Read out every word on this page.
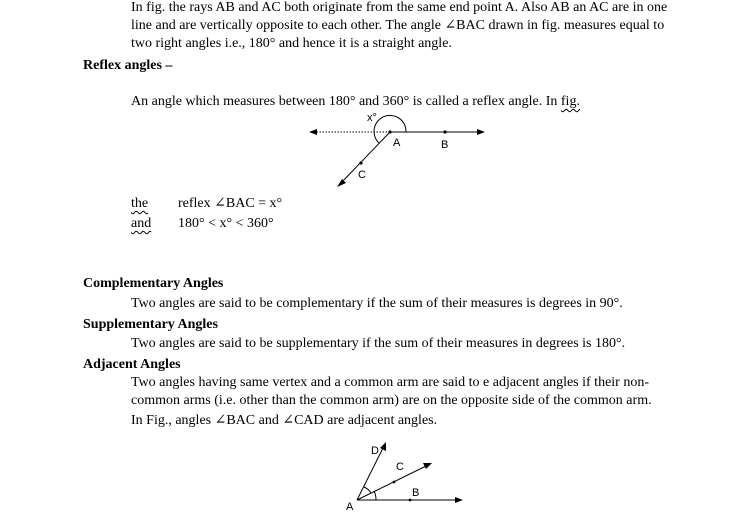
In fig. the rays AB and AC both originate from the same end point A. Also AB an AC are in one
line and are vertically opposite to each other. The angle ∠BAC drawn in fig. measures equal to
two right angles i.e., 180° and hence it is a straight angle.
Reflex angles –
An angle which measures between 180° and 360° is called a reflex angle. In fig.
x°
A	B
C
the reflex ∠BAC = x°
and 180° < x° < 360°
Complementary Angles
Two angles are said to be complementary if the sum of their measures is degrees in 90°.
Supplementary Angles
Two angles are said to be supplementary if the sum of their measures in degrees is 180°.
Adjacent Angles
Two angles having same vertex and a common arm are said to e adjacent angles if their non-
common arms (i.e. other than the common arm) are on the opposite side of the common arm.
In Fig., angles ∠BAC and ∠CAD are adjacent angles.
A
B
C
D
